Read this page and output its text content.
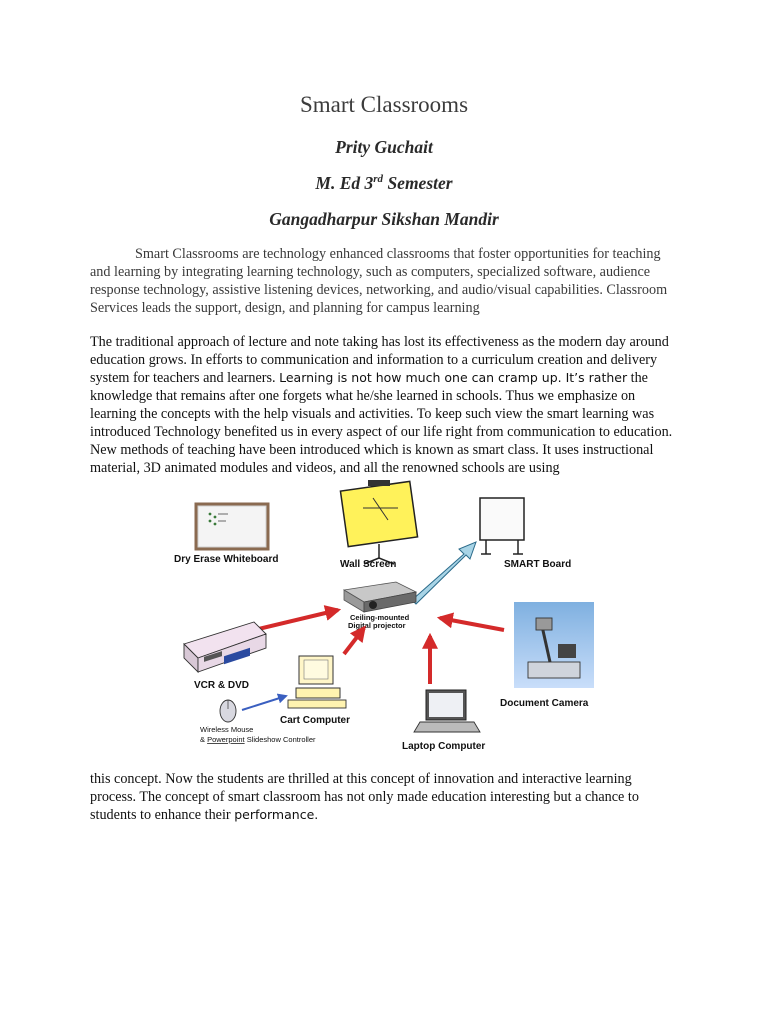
Smart Classrooms
Prity Guchait
M. Ed 3rd Semester
Gangadharpur Sikshan Mandir

Smart Classrooms are technology enhanced classrooms that foster opportunities for teaching and learning by integrating learning technology, such as computers, specialized software, audience response technology, assistive listening devices, networking, and audio/visual capabilities. Classroom Services leads the support, design, and planning for campus learning

The traditional approach of lecture and note taking has lost its effectiveness as the modern day around education grows. In efforts to communication and information to a curriculum creation and delivery system for teachers and learners. Learning is not how much one can cramp up. It’s rather the knowledge that remains after one forgets what he/she learned in schools. Thus we emphasize on learning the concepts with the help visuals and activities. To keep such view the smart learning was introduced Technology benefited us in every aspect of our life right from communication to education. New methods of teaching have been introduced which is known as smart class. It uses instructional material, 3D animated modules and videos, and all the renowned schools are using

Dry Erase Whiteboard	Wall Screen	SMART Board
Ceiling-mounted
Digital projector
VCR & DVD
Cart Computer
Wireless Mouse
& Powerpoint Slideshow Controller
Laptop Computer
Document Camera

this concept. Now the students are thrilled at this concept of innovation and interactive learning process. The concept of smart classroom has not only made education interesting but a chance to students to enhance their performance.
